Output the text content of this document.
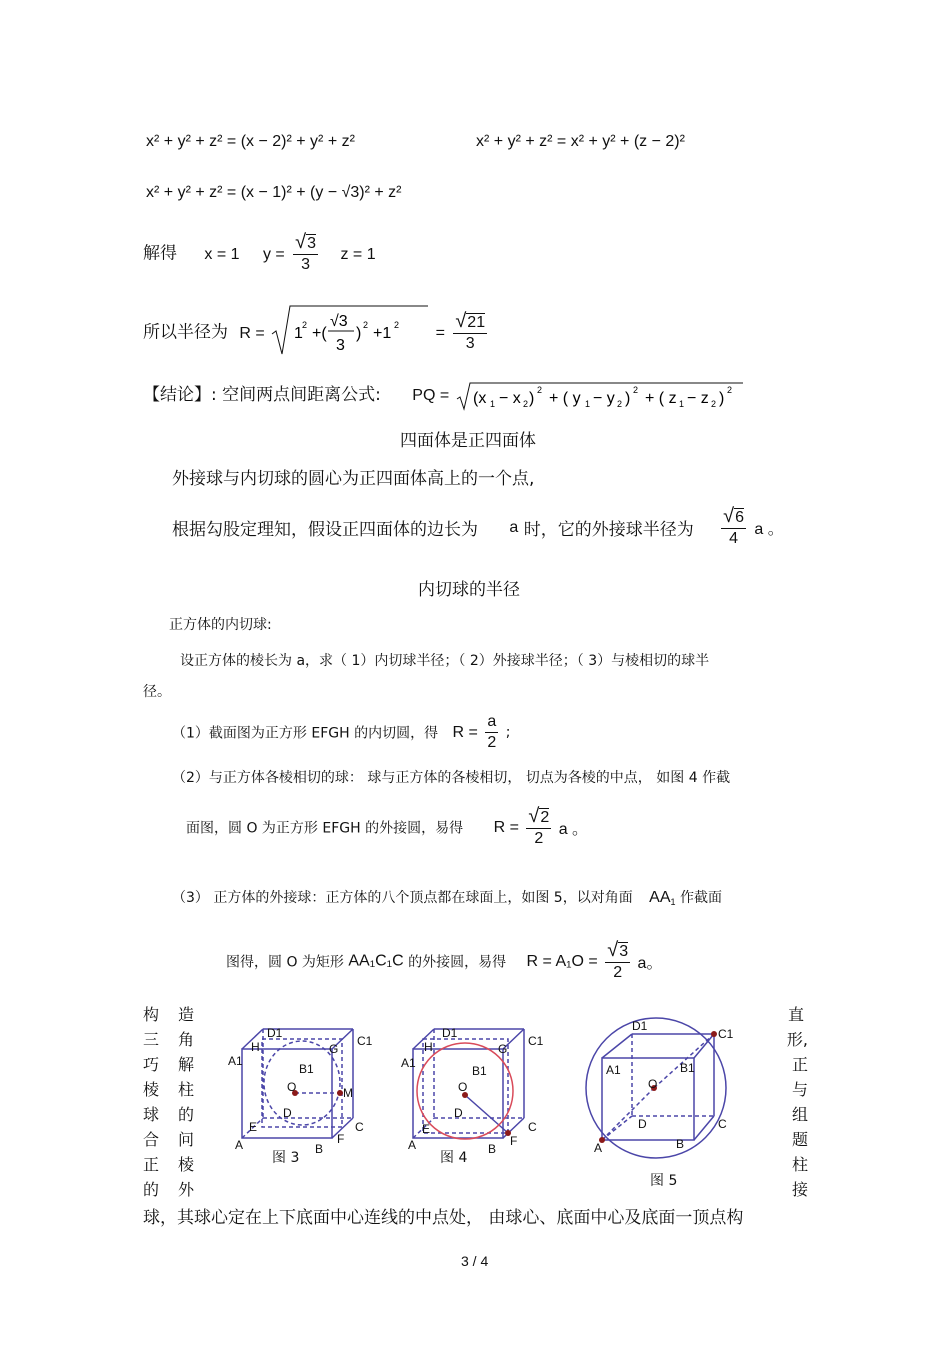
x² + y² + z² = (x − 2)² + y² + z²	x² + y² + z² = x² + y² + (z − 2)²
x² + y² + z² = (x − 1)² + (y − √3)² + z²
解得 x = 1 $y = \frac{√3}{3}$ z = 1
所以半径为 R = 1 2 +(
√3
3
) 2 +1 $2 = \frac{√21}{3}$
【结论】: 空间两点间距离公式: PQ = (x 1 − x 2 ) 2 + ( y 1 − y 2 ) 2 + ( z 1 − z 2 ) 2
四面体是正四面体
外接球与内切球的圆心为正四面体高上的一个点,
根据勾股定理知，假设正四面体的边长为 a 时，它的外接球半径为 $\frac{√6}{4}$ a 。
内切球的半径
正方体的内切球:
设正方体的棱长为 a，求（ 1）内切球半径；（ 2）外接球半径；（ 3）与棱相切的球半
径。
（1）截面图为正方形 EFGH 的内切圆，得 $R = \frac{a}{2}$ ;
（2）与正方体各棱相切的球： 球与正方体的各棱相切， 切点为各棱的中点， 如图 4 作截
面图，圆 O 为正方形 EFGH 的外接圆，易得 $R = \frac{√2}{2}$ a 。
（3） 正方体的外接球：正方体的八个顶点都在球面上，如图 5，以对角面 $AA_1$ 作截面
图得，圆 O 为矩形 AA₁C₁C 的外接圆，易得 $R = A_1O = \frac{√3}{2}$ a。
构
三
巧
棱
球
合
正
的
造
角
解
柱
的
问
棱
外
直
形,
正
与
组
题
柱
接
D1
C1
H	G
A1
B1
O	M
D
E
F
C
A	B
图 3
D1
C1
H	G
A1
B1
O
D
E
F
C
A	B
图 4
D1
C1
A1	B1
O
D	C
A	B
图 5
球，其球心定在上下底面中心连线的中点处， 由球心、底面中心及底面一顶点构
3 / 4
